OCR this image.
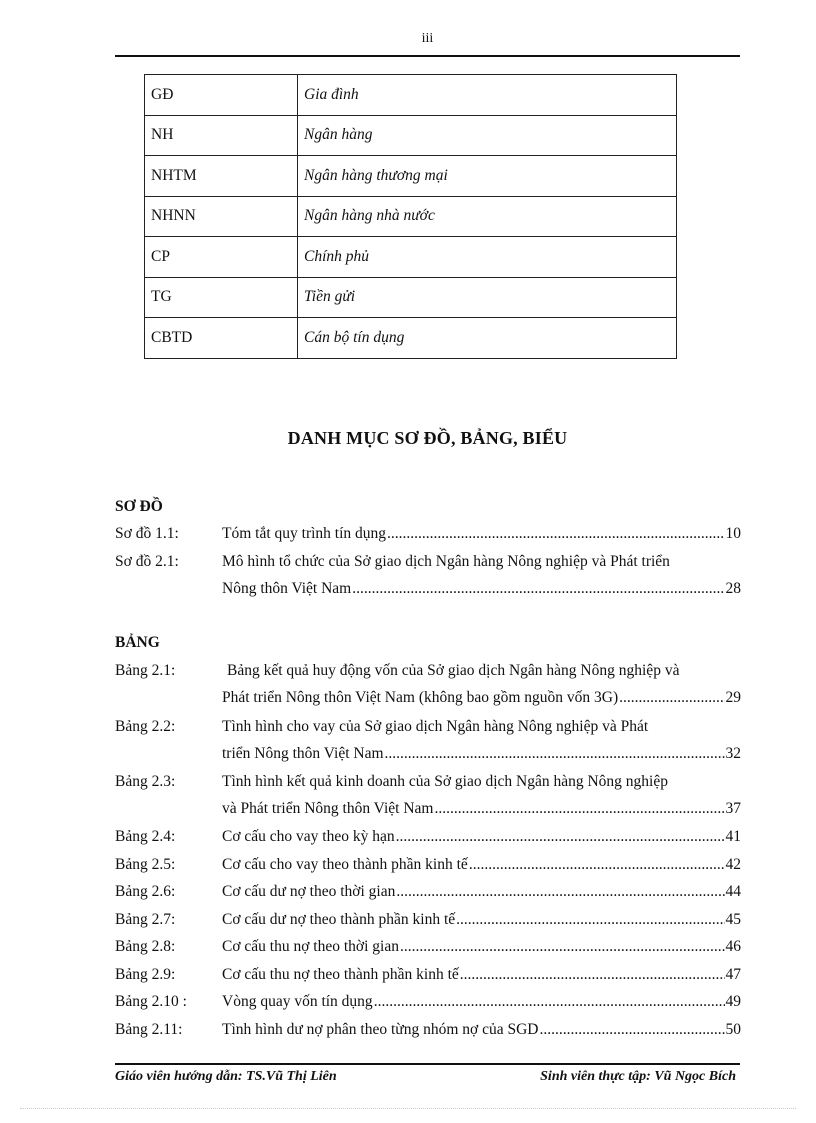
iii
GĐ	Gia đình
NH	Ngân hàng
NHTM	Ngân hàng thương mại
NHNN	Ngân hàng nhà nước
CP	Chính phủ
TG	Tiền gửi
CBTD	Cán bộ tín dụng
DANH MỤC SƠ ĐỒ, BẢNG, BIỂU
SƠ ĐỒ
Sơ đồ 1.1:	Tóm tắt quy trình tín dụng .....	10
Sơ đồ 2.1:	Mô hình tổ chức của Sở giao dịch Ngân hàng Nông nghiệp và Phát triển
Nông thôn Việt Nam .....	28
BẢNG
Bảng 2.1:	Bảng kết quả huy động vốn của Sở giao dịch Ngân hàng Nông nghiệp và
Phát triển Nông thôn Việt Nam (không bao gồm nguồn vốn 3G) .....	29
Bảng 2.2:	Tình hình cho vay của Sở giao dịch Ngân hàng Nông nghiệp và Phát
triển Nông thôn Việt Nam .....	32
Bảng 2.3:	Tình hình kết quả kinh doanh của Sở giao dịch Ngân hàng Nông nghiệp
và Phát triển Nông thôn Việt Nam .....	37
Bảng 2.4:	Cơ cấu cho vay theo kỳ hạn .....	41
Bảng 2.5:	Cơ cấu cho vay theo thành phần kinh tế .....	42
Bảng 2.6:	Cơ cấu dư nợ theo thời gian .....	44
Bảng 2.7:	Cơ cấu dư nợ theo thành phần kinh tế .....	45
Bảng 2.8:	Cơ cấu thu nợ theo thời gian .....	46
Bảng 2.9:	Cơ cấu thu nợ theo thành phần kinh tế .....	47
Bảng 2.10 : Vòng quay vốn tín dụng .....	49
Bảng 2.11:	Tình hình dư nợ phân theo từng nhóm nợ của SGD .....	50
Giáo viên hướng dẫn: TS.Vũ Thị Liên	Sinh viên thực tập: Vũ Ngọc Bích
